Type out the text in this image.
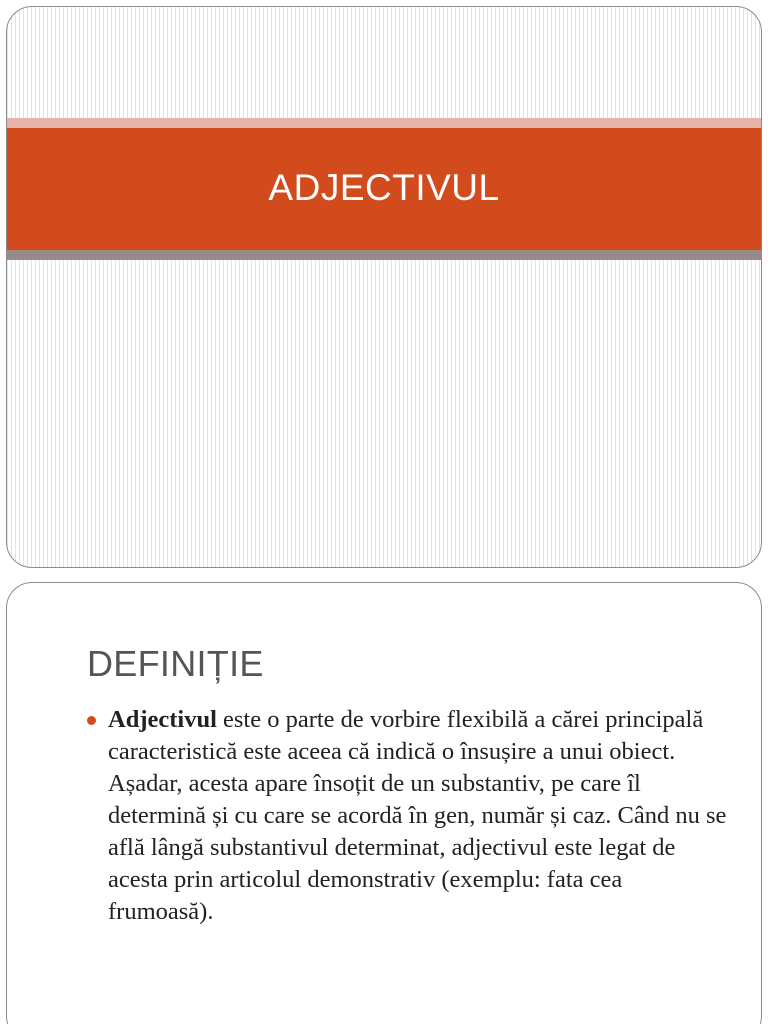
ADJECTIVUL
DEFINIȚIE
Adjectivul este o parte de vorbire flexibilă a cărei principală caracteristică este aceea că indică o însușire a unui obiect. Așadar, acesta apare însoțit de un substantiv, pe care îl determină și cu care se acordă în gen, număr și caz. Când nu se află lângă substantivul determinat, adjectivul este legat de acesta prin articolul demonstrativ (exemplu: fata cea frumoasă).
